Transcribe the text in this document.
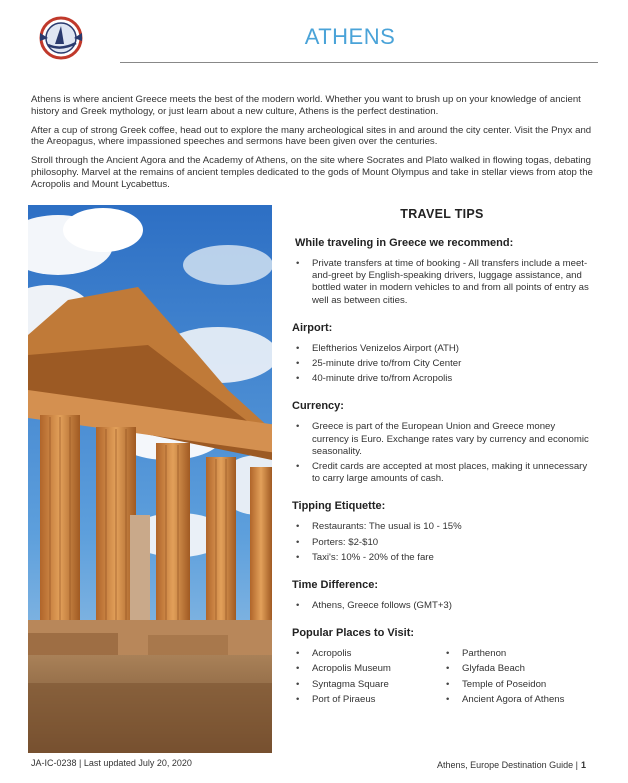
ATHENS

Athens is where ancient Greece meets the best of the modern world. Whether you want to brush up on your knowledge of ancient history and Greek mythology, or just learn about a new culture, Athens is the perfect destination.

After a cup of strong Greek coffee, head out to explore the many archeological sites in and around the city center. Visit the Pnyx and the Areopagus, where impassioned speeches and sermons have been given over the centuries.

Stroll through the Ancient Agora and the Academy of Athens, on the site where Socrates and Plato walked in flowing togas, debating philosophy. Marvel at the remains of ancient temples dedicated to the gods of Mount Olympus and take in stellar views from atop the Acropolis and Mount Lycabettus.

TRAVEL TIPS
While traveling in Greece we recommend:
• Private transfers at time of booking - All transfers include a meet-and-greet by English-speaking drivers, luggage assistance, and bottled water in modern vehicles to and from all points of entry as well as between cities.
Airport:
• Eleftherios Venizelos Airport (ATH)
• 25-minute drive to/from City Center
• 40-minute drive to/from Acropolis
Currency:
• Greece is part of the European Union and Greece money currency is Euro. Exchange rates vary by currency and economic seasonality.
• Credit cards are accepted at most places, making it unnecessary to carry large amounts of cash.
Tipping Etiquette:
• Restaurants: The usual is 10 - 15%
• Porters: $2-$10
• Taxi's: 10% - 20% of the fare
Time Difference:
• Athens, Greece follows (GMT+3)
Popular Places to Visit:
• Acropolis
• Acropolis Museum
• Syntagma Square
• Port of Piraeus
• Parthenon
• Glyfada Beach
• Temple of Poseidon
• Ancient Agora of Athens
JA-IC-0238 | Last updated July 20, 2020	Athens, Europe Destination Guide | 1
